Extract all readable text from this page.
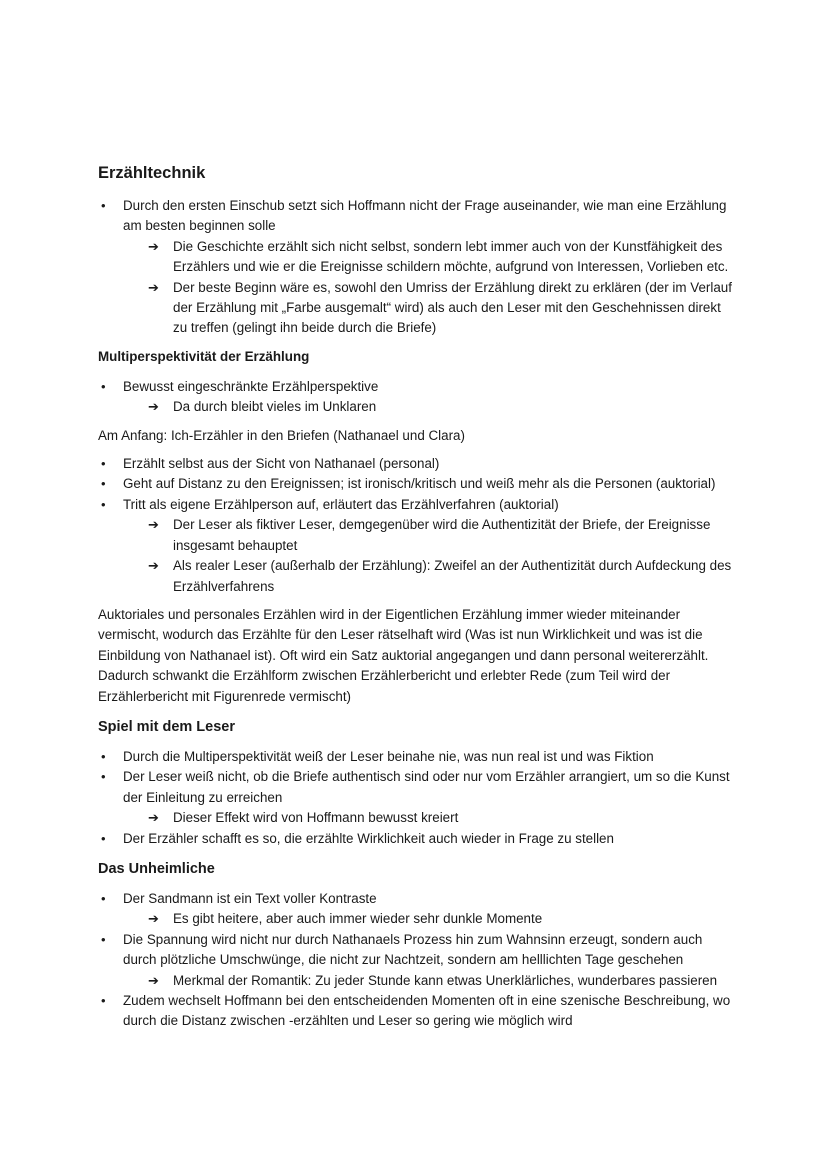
Erzähltechnik
• Durch den ersten Einschub setzt sich Hoffmann nicht der Frage auseinander, wie man eine Erzählung am besten beginnen solle
➔ Die Geschichte erzählt sich nicht selbst, sondern lebt immer auch von der Kunstfähigkeit des Erzählers und wie er die Ereignisse schildern möchte, aufgrund von Interessen, Vorlieben etc.
➔ Der beste Beginn wäre es, sowohl den Umriss der Erzählung direkt zu erklären (der im Verlauf der Erzählung mit „Farbe ausgemalt“ wird) als auch den Leser mit den Geschehnissen direkt zu treffen (gelingt ihn beide durch die Briefe)
Multiperspektivität der Erzählung
• Bewusst eingeschränkte Erzählperspektive
➔ Da durch bleibt vieles im Unklaren

Am Anfang: Ich-Erzähler in den Briefen (Nathanael und Clara)

• Erzählt selbst aus der Sicht von Nathanael (personal)
• Geht auf Distanz zu den Ereignissen; ist ironisch/kritisch und weiß mehr als die Personen (auktorial)
• Tritt als eigene Erzählperson auf, erläutert das Erzählverfahren (auktorial)
➔ Der Leser als fiktiver Leser, demgegenüber wird die Authentizität der Briefe, der Ereignisse insgesamt behauptet
➔ Als realer Leser (außerhalb der Erzählung): Zweifel an der Authentizität durch Aufdeckung des Erzählverfahrens

Auktoriales und personales Erzählen wird in der Eigentlichen Erzählung immer wieder miteinander vermischt, wodurch das Erzählte für den Leser rätselhaft wird (Was ist nun Wirklichkeit und was ist die Einbildung von Nathanael ist). Oft wird ein Satz auktorial angegangen und dann personal weitererzählt. Dadurch schwankt die Erzählform zwischen Erzählerbericht und erlebter Rede (zum Teil wird der Erzählerbericht mit Figurenrede vermischt)

Spiel mit dem Leser
• Durch die Multiperspektivität weiß der Leser beinahe nie, was nun real ist und was Fiktion
• Der Leser weiß nicht, ob die Briefe authentisch sind oder nur vom Erzähler arrangiert, um so die Kunst der Einleitung zu erreichen
➔ Dieser Effekt wird von Hoffmann bewusst kreiert
• Der Erzähler schafft es so, die erzählte Wirklichkeit auch wieder in Frage zu stellen
Das Unheimliche
• Der Sandmann ist ein Text voller Kontraste
➔ Es gibt heitere, aber auch immer wieder sehr dunkle Momente
• Die Spannung wird nicht nur durch Nathanaels Prozess hin zum Wahnsinn erzeugt, sondern auch durch plötzliche Umschwünge, die nicht zur Nachtzeit, sondern am helllichten Tage geschehen
➔ Merkmal der Romantik: Zu jeder Stunde kann etwas Unerklärliches, wunderbares passieren
• Zudem wechselt Hoffmann bei den entscheidenden Momenten oft in eine szenische Beschreibung, wo durch die Distanz zwischen -erzählten und Leser so gering wie möglich wird
